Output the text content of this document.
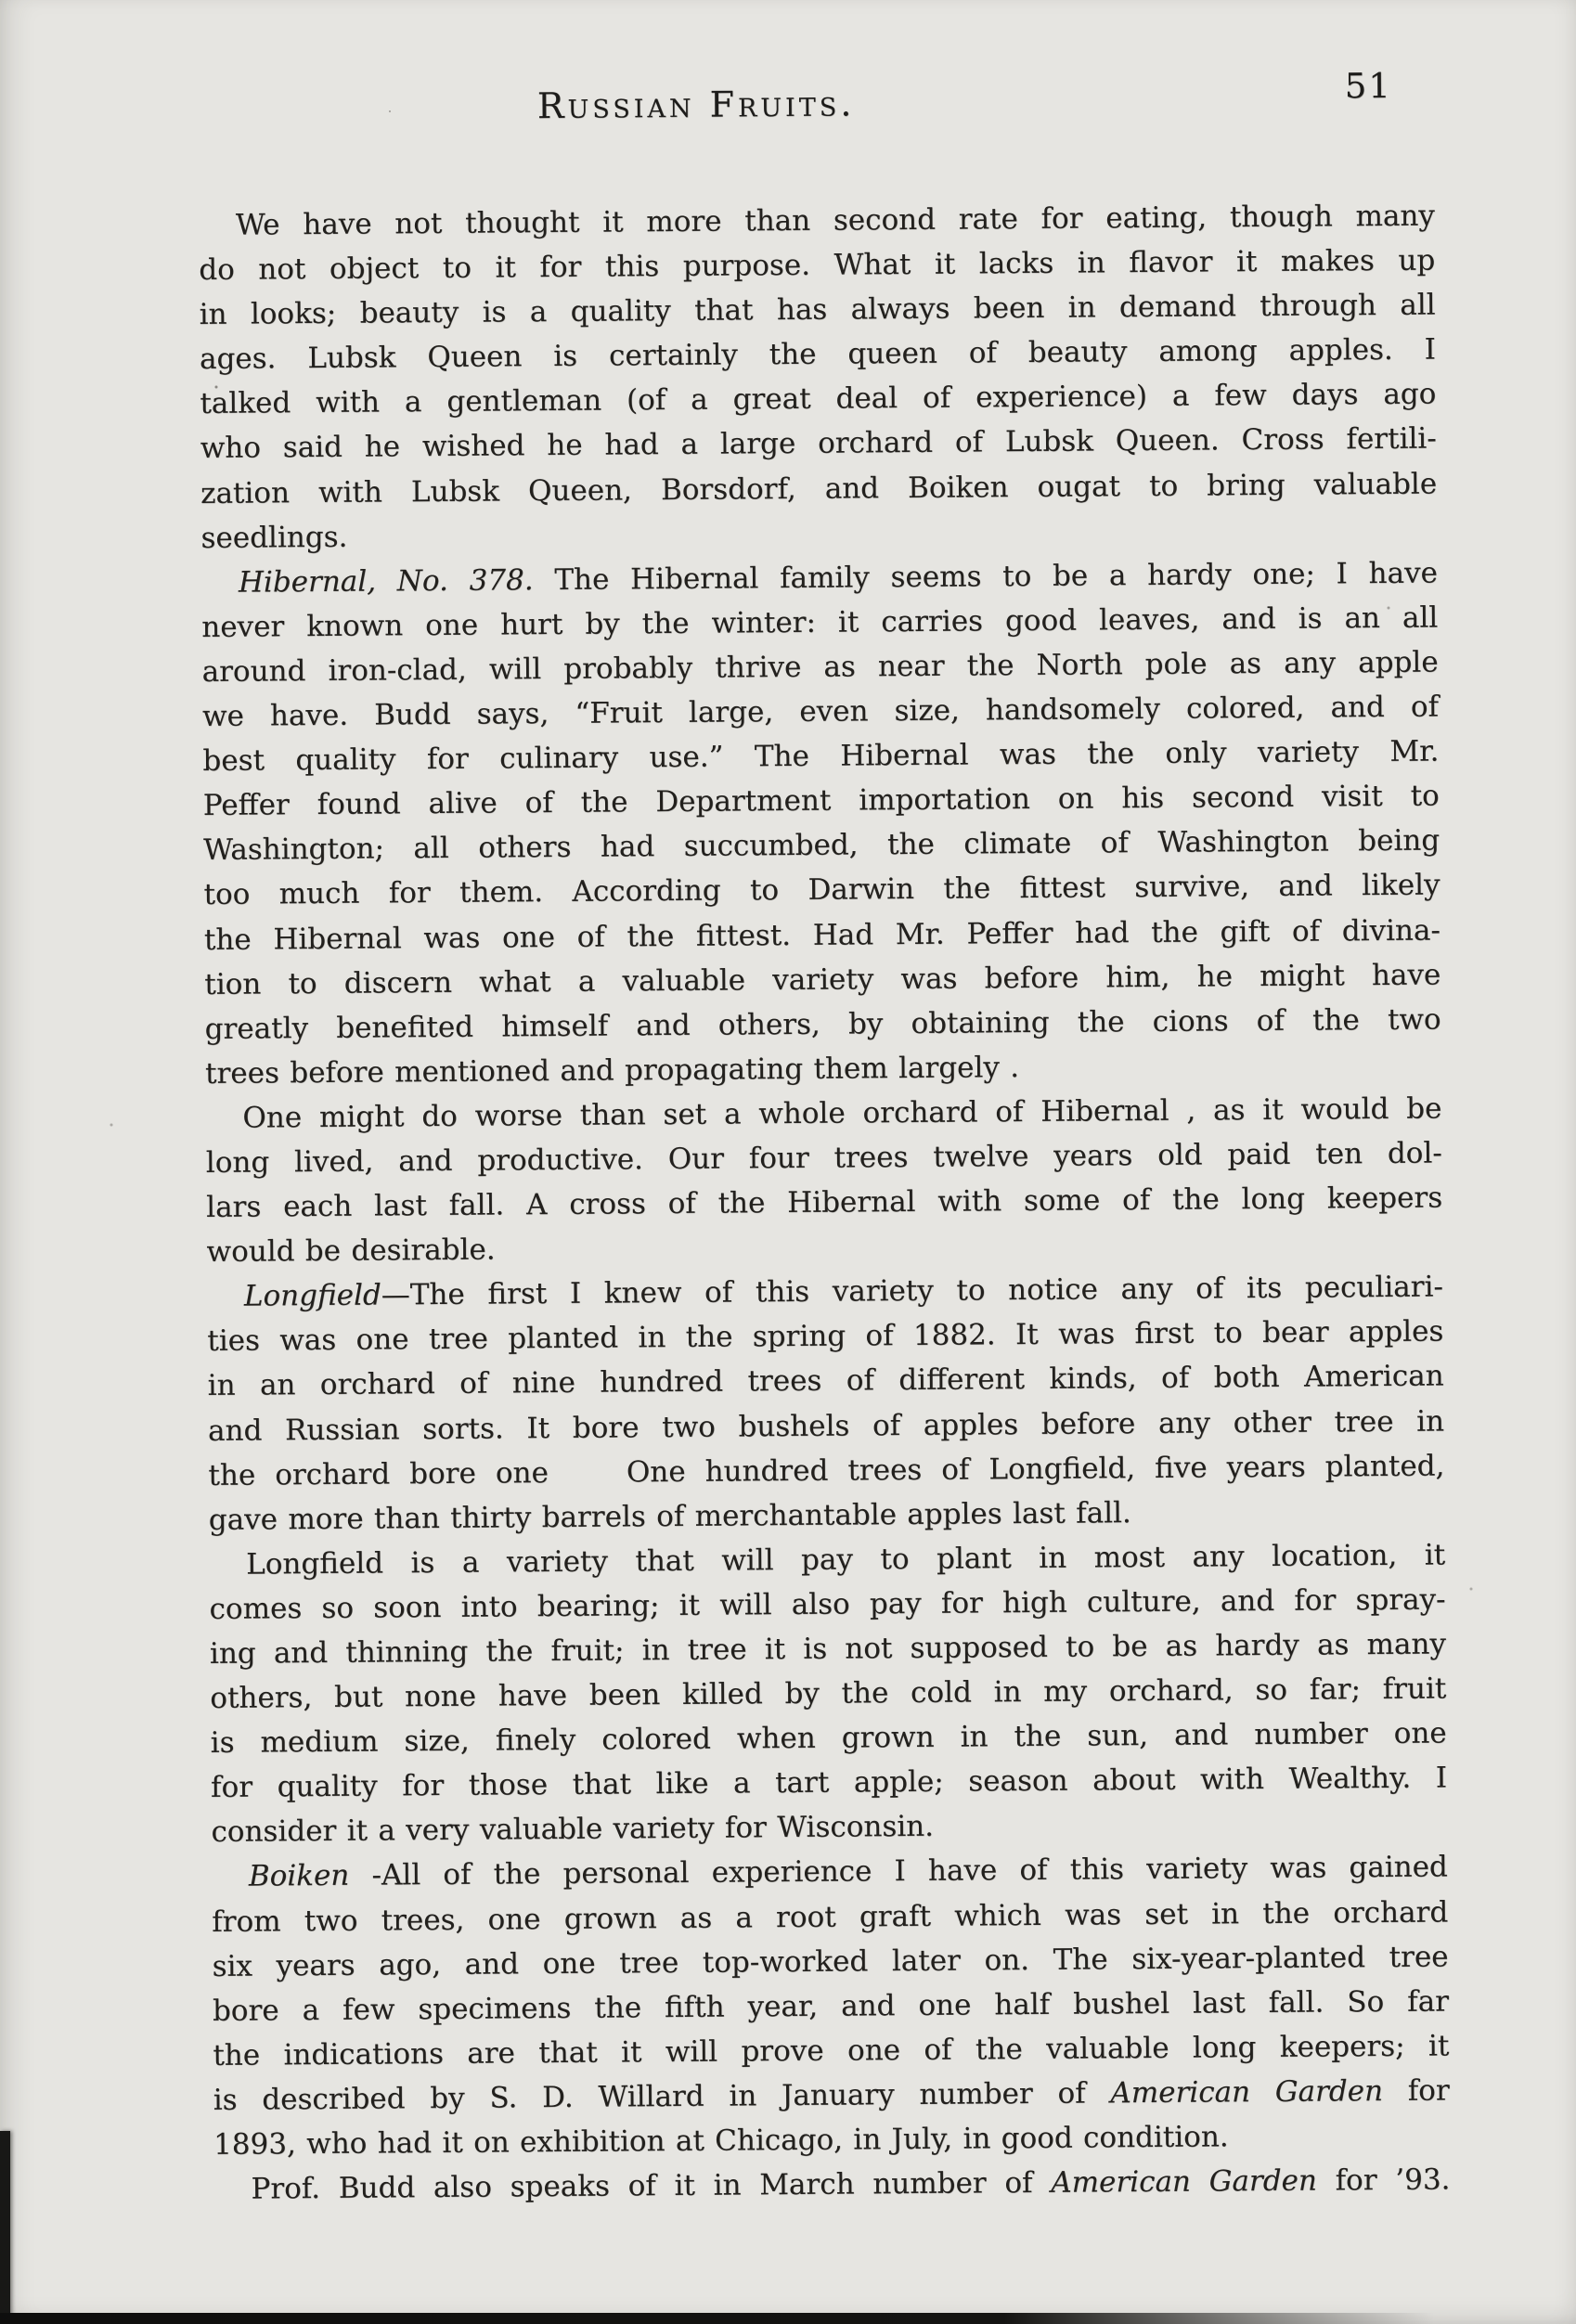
Russian Fruits.	51
We have not thought it more than second rate for eating, though many
do not object to it for this purpose. What it lacks in flavor it makes up
in looks; beauty is a quality that has always been in demand through all
ages. Lubsk Queen is certainly the queen of beauty among apples. I
talked with a gentleman (of a great deal of experience) a few days ago
who said he wished he had a large orchard of Lubsk Queen. Cross fertili-
zation with Lubsk Queen, Borsdorf, and Boiken ougat to bring valuable
seedlings.
Hibernal, No. 378. The Hibernal family seems to be a hardy one; I have
never known one hurt by the winter: it carries good leaves, and is an all
around iron-clad, will probably thrive as near the North pole as any apple
we have. Budd says, “Fruit large, even size, handsomely colored, and of
best quality for culinary use.” The Hibernal was the only variety Mr.
Peffer found alive of the Department importation on his second visit to
Washington; all others had succumbed, the climate of Washington being
too much for them. According to Darwin the fittest survive, and likely
the Hibernal was one of the fittest. Had Mr. Peffer had the gift of divina-
tion to discern what a valuable variety was before him, he might have
greatly benefited himself and others, by obtaining the cions of the two
trees before mentioned and propagating them largely .
One might do worse than set a whole orchard of Hibernal , as it would be
long lived, and productive. Our four trees twelve years old paid ten dol-
lars each last fall. A cross of the Hibernal with some of the long keepers
would be desirable.
Longfield—The first I knew of this variety to notice any of its peculiari-
ties was one tree planted in the spring of 1882. It was first to bear apples
in an orchard of nine hundred trees of different kinds, of both American
and Russian sorts. It bore two bushels of apples before any other tree in
the orchard bore one    One hundred trees of Longfield, five years planted,
gave more than thirty barrels of merchantable apples last fall.
Longfield is a variety that will pay to plant in most any location, it
comes so soon into bearing; it will also pay for high culture, and for spray-
ing and thinning the fruit; in tree it is not supposed to be as hardy as many
others, but none have been killed by the cold in my orchard, so far; fruit
is medium size, finely colored when grown in the sun, and number one
for quality for those that like a tart apple; season about with Wealthy. I
consider it a very valuable variety for Wisconsin.
Boiken -All of the personal experience I have of this variety was gained
from two trees, one grown as a root graft which was set in the orchard
six years ago, and one tree top-worked later on. The six-year-planted tree
bore a few specimens the fifth year, and one half bushel last fall. So far
the indications are that it will prove one of the valuable long keepers; it
is described by S. D. Willard in January number of American Garden for
1893, who had it on exhibition at Chicago, in July, in good condition.
Prof. Budd also speaks of it in March number of American Garden for ’93.
